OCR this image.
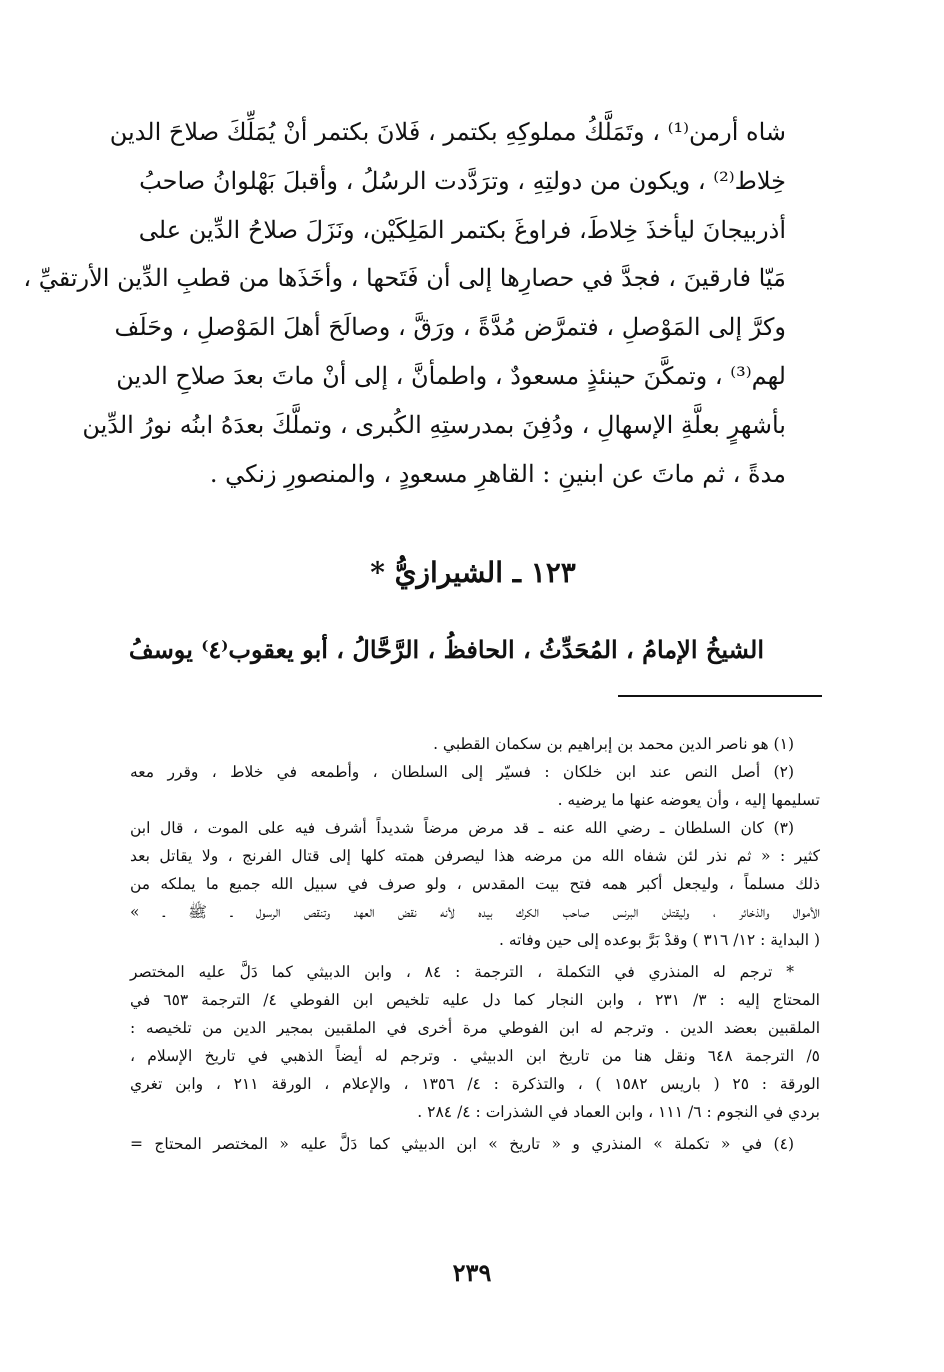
شاه أرمن⁽¹⁾ ، وتَمَلَّكُ مملوكِهِ بكتمر ، فَلانَ بكتمر أنْ يُمَلِّكَ صلاحَ الدين
خِلاط⁽²⁾ ، ويكون من دولتِهِ ، وترَدَّدت الرسُلُ ، وأقبلَ بَهْلوانُ صاحبُ
أذربيجانَ ليأخذَ خِلاطَ، فراوغَ بكتمر المَلِكَيْن، ونَزَلَ صلاحُ الدِّين على
مَيّا فارقينَ ، فجدَّ في حصارِها إلى أن فَتَحها ، وأخَذَها من قطبِ الدِّين الأرتقيِّ ،
وكرَّ إلى المَوْصلِ ، فتمرَّض مُدَّةً ، ورَقَّ ، وصالَحَ أهلَ المَوْصلِ ، وحَلَف
لهم⁽³⁾ ، وتمكَّنَ حينئذٍ مسعودٌ ، واطمأنَّ ، إلى أنْ ماتَ بعدَ صلاحِ الدين
بأشهرٍ بعلَّةِ الإسهالِ ، ودُفِنَ بمدرستِهِ الكُبرى ، وتملَّكَ بعدَهُ ابنُه نورُ الدِّين
مدةً ، ثم ماتَ عن ابنينِ : القاهرِ مسعودٍ ، والمنصورِ زنكي .
١٢٣ ـ الشيرازيُّ *
الشيخُ الإمامُ ، المُحَدِّثُ ، الحافظُ ، الرَّحَّالُ ، أبو يعقوب⁽٤⁾ يوسفُ
(١) هو ناصر الدين محمد بن إبراهيم بن سكمان القطبي .
(٢) أصل النص عند ابن خلكان : فسيّر إلى السلطان ، وأطمعه في خلاط ، وقرر معه
تسليمها إليه ، وأن يعوضه عنها ما يرضيه .
(٣) كان السلطان ـ رضي الله عنه ـ قد مرض مرضاً شديداً أشرف فيه على الموت ، قال ابن
كثير : « ثم نذر لئن شفاه الله من مرضه هذا ليصرفن همته كلها إلى قتال الفرنج ، ولا يقاتل بعد
ذلك مسلماً ، وليجعل أكبر همه فتح بيت المقدس ، ولو صرف في سبيل الله جميع ما يملكه من
الأموال والذخائر ، وليقتلن البرنس صاحب الكرك بيده لأنه نقض العهد وتنقص الرسول ـ ﷺ ـ »
( البداية : ١٢/ ٣١٦ ) وقدْ بَرَّ بوعده إلى حين وفاته .
* ترجم له المنذري في التكملة ، الترجمة : ٨٤ ، وابن الدبيثي كما دَلَّ عليه المختصر
المحتاج إليه : ٣/ ٢٣١ ، وابن النجار كما دل عليه تلخيص ابن الفوطي ٤/ الترجمة ٦٥٣ في
الملقبين بعضد الدين . وترجم له ابن الفوطي مرة أخرى في الملقبين بمجير الدين من تلخيصه :
٥/ الترجمة ٦٤٨ ونقل هنا من تاريخ ابن الدبيثي . وترجم له أيضاً الذهبي في تاريخ الإسلام ،
الورقة : ٢٥ ( باريس ١٥٨٢ ) ، والتذكرة : ٤/ ١٣٥٦ ، والإعلام ، الورقة ٢١١ ، وابن تغري
بردي في النجوم : ٦/ ١١١ ، وابن العماد في الشذرات : ٤/ ٢٨٤ .
(٤) في « تكملة » المنذري و « تاريخ » ابن الدبيثي كما دَلَّ عليه « المختصر المحتاج =
٢٣٩
